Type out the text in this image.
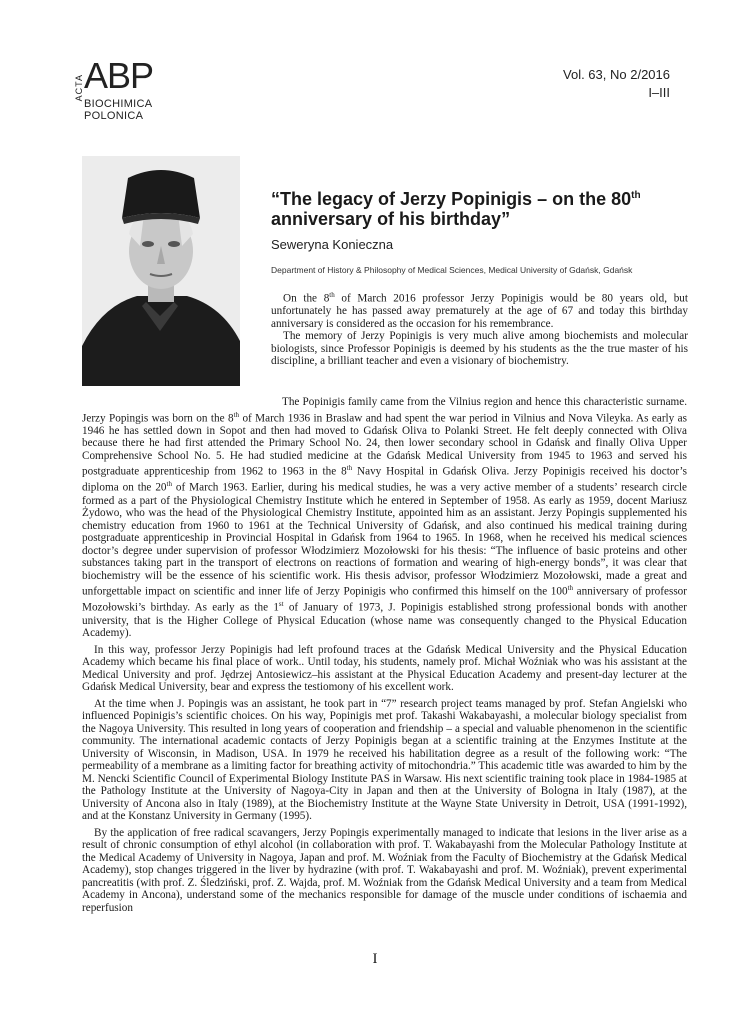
ACTA ABP
BIOCHIMICA
POLONICA
Vol. 63, No 2/2016
I–III
“The legacy of Jerzy Popinigis – on the 80th anniversary of his birthday”
Seweryna Konieczna
Department of History & Philosophy of Medical Sciences, Medical University of Gdańsk, Gdańsk

On the 8th of March 2016 professor Jerzy Popinigis would be 80 years old, but unfortunately he has passed away prematurely at the age of 67 and today this birthday anniversary is considered as the occasion for his remembrance.

The memory of Jerzy Popinigis is very much alive among biochemists and molecular biologists, since Professor Popinigis is deemed by his students as the the true master of his discipline, a brilliant teacher and even a visionary of biochemistry.

The Popinigis family came from the Vilnius region and hence this characteristic surname. Jerzy Popingis was born on the 8th of March 1936 in Braslaw and had spent the war period in Vilnius and Nova Vileyka. As early as 1946 he has settled down in Sopot and then had moved to Gdańsk Oliva to Polanki Street. He felt deeply connected with Oliva because there he had first attended the Primary School No. 24, then lower secondary school in Gdańsk and finally Oliva Upper Comprehensive School No. 5. He had studied medicine at the Gdańsk Medical University from 1945 to 1963 and served his postgraduate apprenticeship from 1962 to 1963 in the 8th Navy Hospital in Gdańsk Oliva. Jerzy Popinigis received his doctor’s diploma on the 20th of March 1963. Earlier, during his medical studies, he was a very active member of a students’ research circle formed as a part of the Physiological Chemistry Institute which he entered in September of 1958. As early as 1959, docent Mariusz Żydowo, who was the head of the Physiological Chemistry Institute, appointed him as an assistant. Jerzy Popingis supplemented his chemistry education from 1960 to 1961 at the Technical University of Gdańsk, and also continued his medical training during postgraduate apprenticeship in Provincial Hospital in Gdańsk from 1964 to 1965. In 1968, when he received his medical sciences doctor’s degree under supervision of professor Włodzimierz Mozołowski for his thesis: “The influence of basic proteins and other substances taking part in the transport of electrons on reactions of formation and wearing of high-energy bonds”, it was clear that biochemistry will be the essence of his scientific work. His thesis advisor, professor Włodzimierz Mozołowski, made a great and unforgettable impact on scientific and inner life of Jerzy Popinigis who confirmed this himself on the 100th anniversary of professor Mozołowski’s birthday. As early as the 1st of January of 1973, J. Popinigis established strong professional bonds with another university, that is the Higher College of Physical Education (whose name was consequently changed to the Physical Education Academy).

In this way, professor Jerzy Popinigis had left profound traces at the Gdańsk Medical University and the Physical Education Academy which became his final place of work.. Until today, his students, namely prof. Michał Woźniak who was his assistant at the Medical University and prof. Jędrzej Antosiewicz–his assistant at the Physical Education Academy and present-day lecturer at the Gdańsk Medical University, bear and express the testiomony of his excellent work.

At the time when J. Popingis was an assistant, he took part in “7” research project teams managed by prof. Stefan Angielski who influenced Popinigis’s scientific choices. On his way, Popinigis met prof. Takashi Wakabayashi, a molecular biology specialist from the Nagoya University. This resulted in long years of cooperation and friendship – a special and valuable phenomenon in the scientific community. The international academic contacts of Jerzy Popinigis began at a scientific training at the Enzymes Institute at the University of Wisconsin, in Madison, USA. In 1979 he received his habilitation degree as a result of the following work: “The permeability of a membrane as a limiting factor for breathing activity of mitochondria.” This academic title was awarded to him by the M. Nencki Scientific Council of Experimental Biology Institute PAS in Warsaw. His next scientific training took place in 1984-1985 at the Pathology Institute at the University of Nagoya-City in Japan and then at the University of Bologna in Italy (1987), at the University of Ancona also in Italy (1989), at the Biochemistry Institute at the Wayne State University in Detroit, USA (1991-1992), and at the Konstanz University in Germany (1995).

By the application of free radical scavangers, Jerzy Popingis experimentally managed to indicate that lesions in the liver arise as a result of chronic consumption of ethyl alcohol (in collaboration with prof. T. Wakabayashi from the Molecular Pathology Institute at the Medical Academy of University in Nagoya, Japan and prof. M. Woźniak from the Faculty of Biochemistry at the Gdańsk Medical Academy), stop changes triggered in the liver by hydrazine (with prof. T. Wakabayashi and prof. M. Woźniak), prevent experimental pancreatitis (with prof. Z. Śledziński, prof. Z. Wajda, prof. M. Woźniak from the Gdańsk Medical University and a team from Medical Academy in Ancona), understand some of the mechanics responsible for damage of the muscle under conditions of ischaemia and reperfusion

I
